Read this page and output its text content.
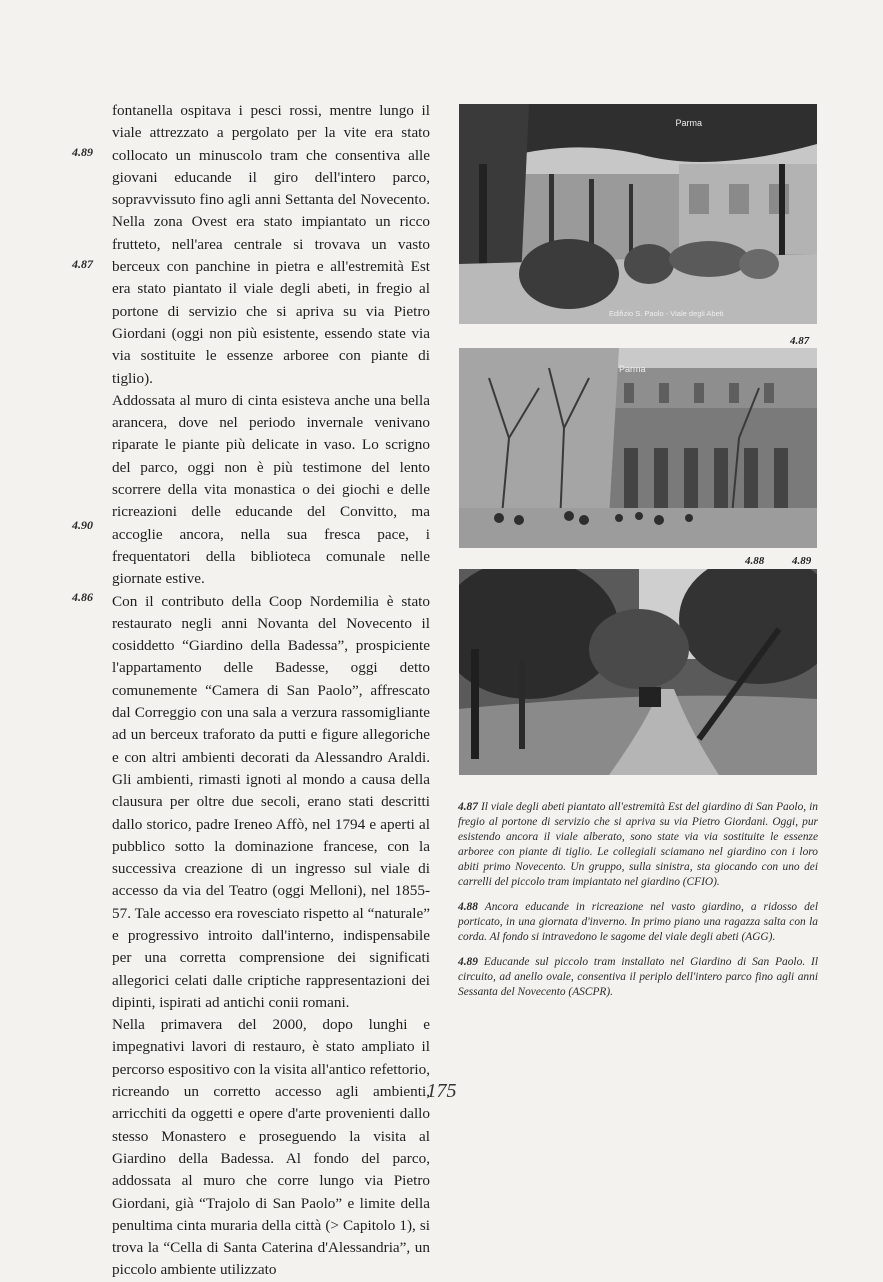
fontanella ospitava i pesci rossi, mentre lungo il viale attrezzato a pergolato per la vite era stato collocato un minuscolo tram che consentiva alle giovani educande il giro dell'intero parco, sopravvissuto fino agli anni Settanta del Novecento. Nella zona Ovest era stato impiantato un ricco frutteto, nell'area centrale si trovava un vasto berceux con panchine in pietra e all'estremità Est era stato piantato il viale degli abeti, in fregio al portone di servizio che si apriva su via Pietro Giordani (oggi non più esistente, essendo state via via sostituite le essenze arboree con piante di tiglio).

Addossata al muro di cinta esisteva anche una bella arancera, dove nel periodo invernale venivano riparate le piante più delicate in vaso. Lo scrigno del parco, oggi non è più testimone del lento scorrere della vita monastica o dei giochi e delle ricreazioni delle educande del Convitto, ma accoglie ancora, nella sua fresca pace, i frequentatori della biblioteca comunale nelle giornate estive.

Con il contributo della Coop Nordemilia è stato restaurato negli anni Novanta del Novecento il cosiddetto “Giardino della Badessa”, prospiciente l'appartamento delle Badesse, oggi detto comunemente “Camera di San Paolo”, affrescato dal Correggio con una sala a verzura rassomigliante ad un berceux traforato da putti e figure allegoriche e con altri ambienti decorati da Alessandro Araldi. Gli ambienti, rimasti ignoti al mondo a causa della clausura per oltre due secoli, erano stati descritti dallo storico, padre Ireneo Affò, nel 1794 e aperti al pubblico sotto la dominazione francese, con la successiva creazione di un ingresso sul viale di accesso da via del Teatro (oggi Melloni), nel 1855-57. Tale accesso era rovesciato rispetto al “naturale” e progressivo introito dall'interno, indispensabile per una corretta comprensione dei significati allegorici celati dalle criptiche rappresentazioni dei dipinti, ispirati ad antichi conii romani.

Nella primavera del 2000, dopo lunghi e impegnativi lavori di restauro, è stato ampliato il percorso espositivo con la visita all'antico refettorio, ricreando un corretto accesso agli ambienti, arricchiti da oggetti e opere d'arte provenienti dallo stesso Monastero e proseguendo la visita al Giardino della Badessa. Al fondo del parco, addossata al muro che corre lungo via Pietro Giordani, già “Trajolo di San Paolo” e limite della penultima cinta muraria della città (> Capitolo 1), si trova la “Cella di Santa Caterina d'Alessandria”, un piccolo ambiente utilizzato

4.89
4.87
4.90
4.86
Parma
Edifizio S. Paolo - Viale degli Abeti
4.87
Parma
4.88	4.89

4.87 Il viale degli abeti piantato all'estremità Est del giardino di San Paolo, in fregio al portone di servizio che si apriva su via Pietro Giordani. Oggi, pur esistendo ancora il viale alberato, sono state via via sostituite le essenze arboree con piante di tiglio. Le collegiali sciamano nel giardino con i loro abiti primo Novecento. Un gruppo, sulla sinistra, sta giocando con uno dei carrelli del piccolo tram impiantato nel giardino (CFIO).

4.88 Ancora educande in ricreazione nel vasto giardino, a ridosso del porticato, in una giornata d'inverno. In primo piano una ragazza salta con la corda. Al fondo si intravedono le sagome del viale degli abeti (AGG).

4.89 Educande sul piccolo tram installato nel Giardino di San Paolo. Il circuito, ad anello ovale, consentiva il periplo dell'intero parco fino agli anni Sessanta del Novecento (ASCPR).

175
